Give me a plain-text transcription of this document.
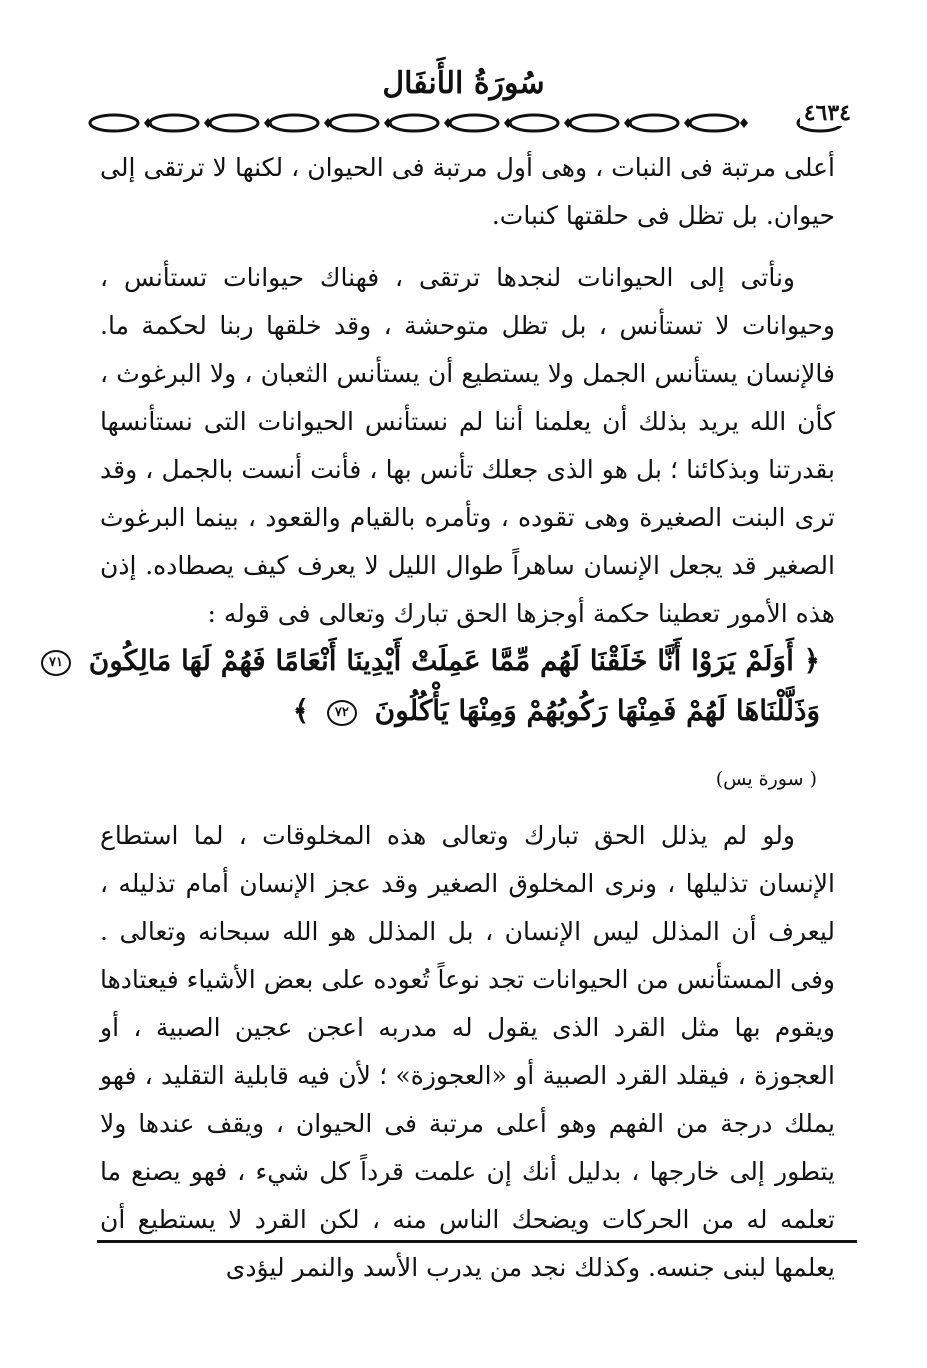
سُورَةُ الأَنفَال
٤٦٣٤

أعلى مرتبة فى النبات ، وهى أول مرتبة فى الحيوان ، لكنها لا ترتقى إلى حيوان. بل تظل فى حلقتها كنبات.

ونأتى إلى الحيوانات لنجدها ترتقى ، فهناك حيوانات تستأنس ، وحيوانات لا تستأنس ، بل تظل متوحشة ، وقد خلقها ربنا لحكمة ما. فالإنسان يستأنس الجمل ولا يستطيع أن يستأنس الثعبان ، ولا البرغوث ، كأن الله يريد بذلك أن يعلمنا أننا لم نستأنس الحيوانات التى نستأنسها بقدرتنا وبذكائنا ؛ بل هو الذى جعلك تأنس بها ، فأنت أنست بالجمل ، وقد ترى البنت الصغيرة وهى تقوده ، وتأمره بالقيام والقعود ، بينما البرغوث الصغير قد يجعل الإنسان ساهراً طوال الليل لا يعرف كيف يصطاده. إذن هذه الأمور تعطينا حكمة أوجزها الحق تبارك وتعالى فى قوله :

﴿ أَوَلَمْ يَرَوْا أَنَّا خَلَقْنَا لَهُم مِّمَّا عَمِلَتْ أَيْدِينَا أَنْعَامًا فَهُمْ لَهَا مَالِكُونَ ٧١
وَذَلَّلْنَاهَا لَهُمْ فَمِنْهَا رَكُوبُهُمْ وَمِنْهَا يَأْكُلُونَ ٧٢ ﴾
( سورة يس)

ولو لم يذلل الحق تبارك وتعالى هذه المخلوقات ، لما استطاع الإنسان تذليلها ، ونرى المخلوق الصغير وقد عجز الإنسان أمام تذليله ، ليعرف أن المذلل ليس الإنسان ، بل المذلل هو الله سبحانه وتعالى . وفى المستأنس من الحيوانات تجد نوعاً تُعوده على بعض الأشياء فيعتادها ويقوم بها مثل القرد الذى يقول له مدربه اعجن عجين الصبية ، أو العجوزة ، فيقلد القرد الصبية أو «العجوزة» ؛ لأن فيه قابلية التقليد ، فهو يملك درجة من الفهم وهو أعلى مرتبة فى الحيوان ، ويقف عندها ولا يتطور إلى خارجها ، بدليل أنك إن علمت قرداً كل شيء ، فهو يصنع ما تعلمه له من الحركات ويضحك الناس منه ، لكن القرد لا يستطيع أن يعلمها لبنى جنسه. وكذلك نجد من يدرب الأسد والنمر ليؤدى
